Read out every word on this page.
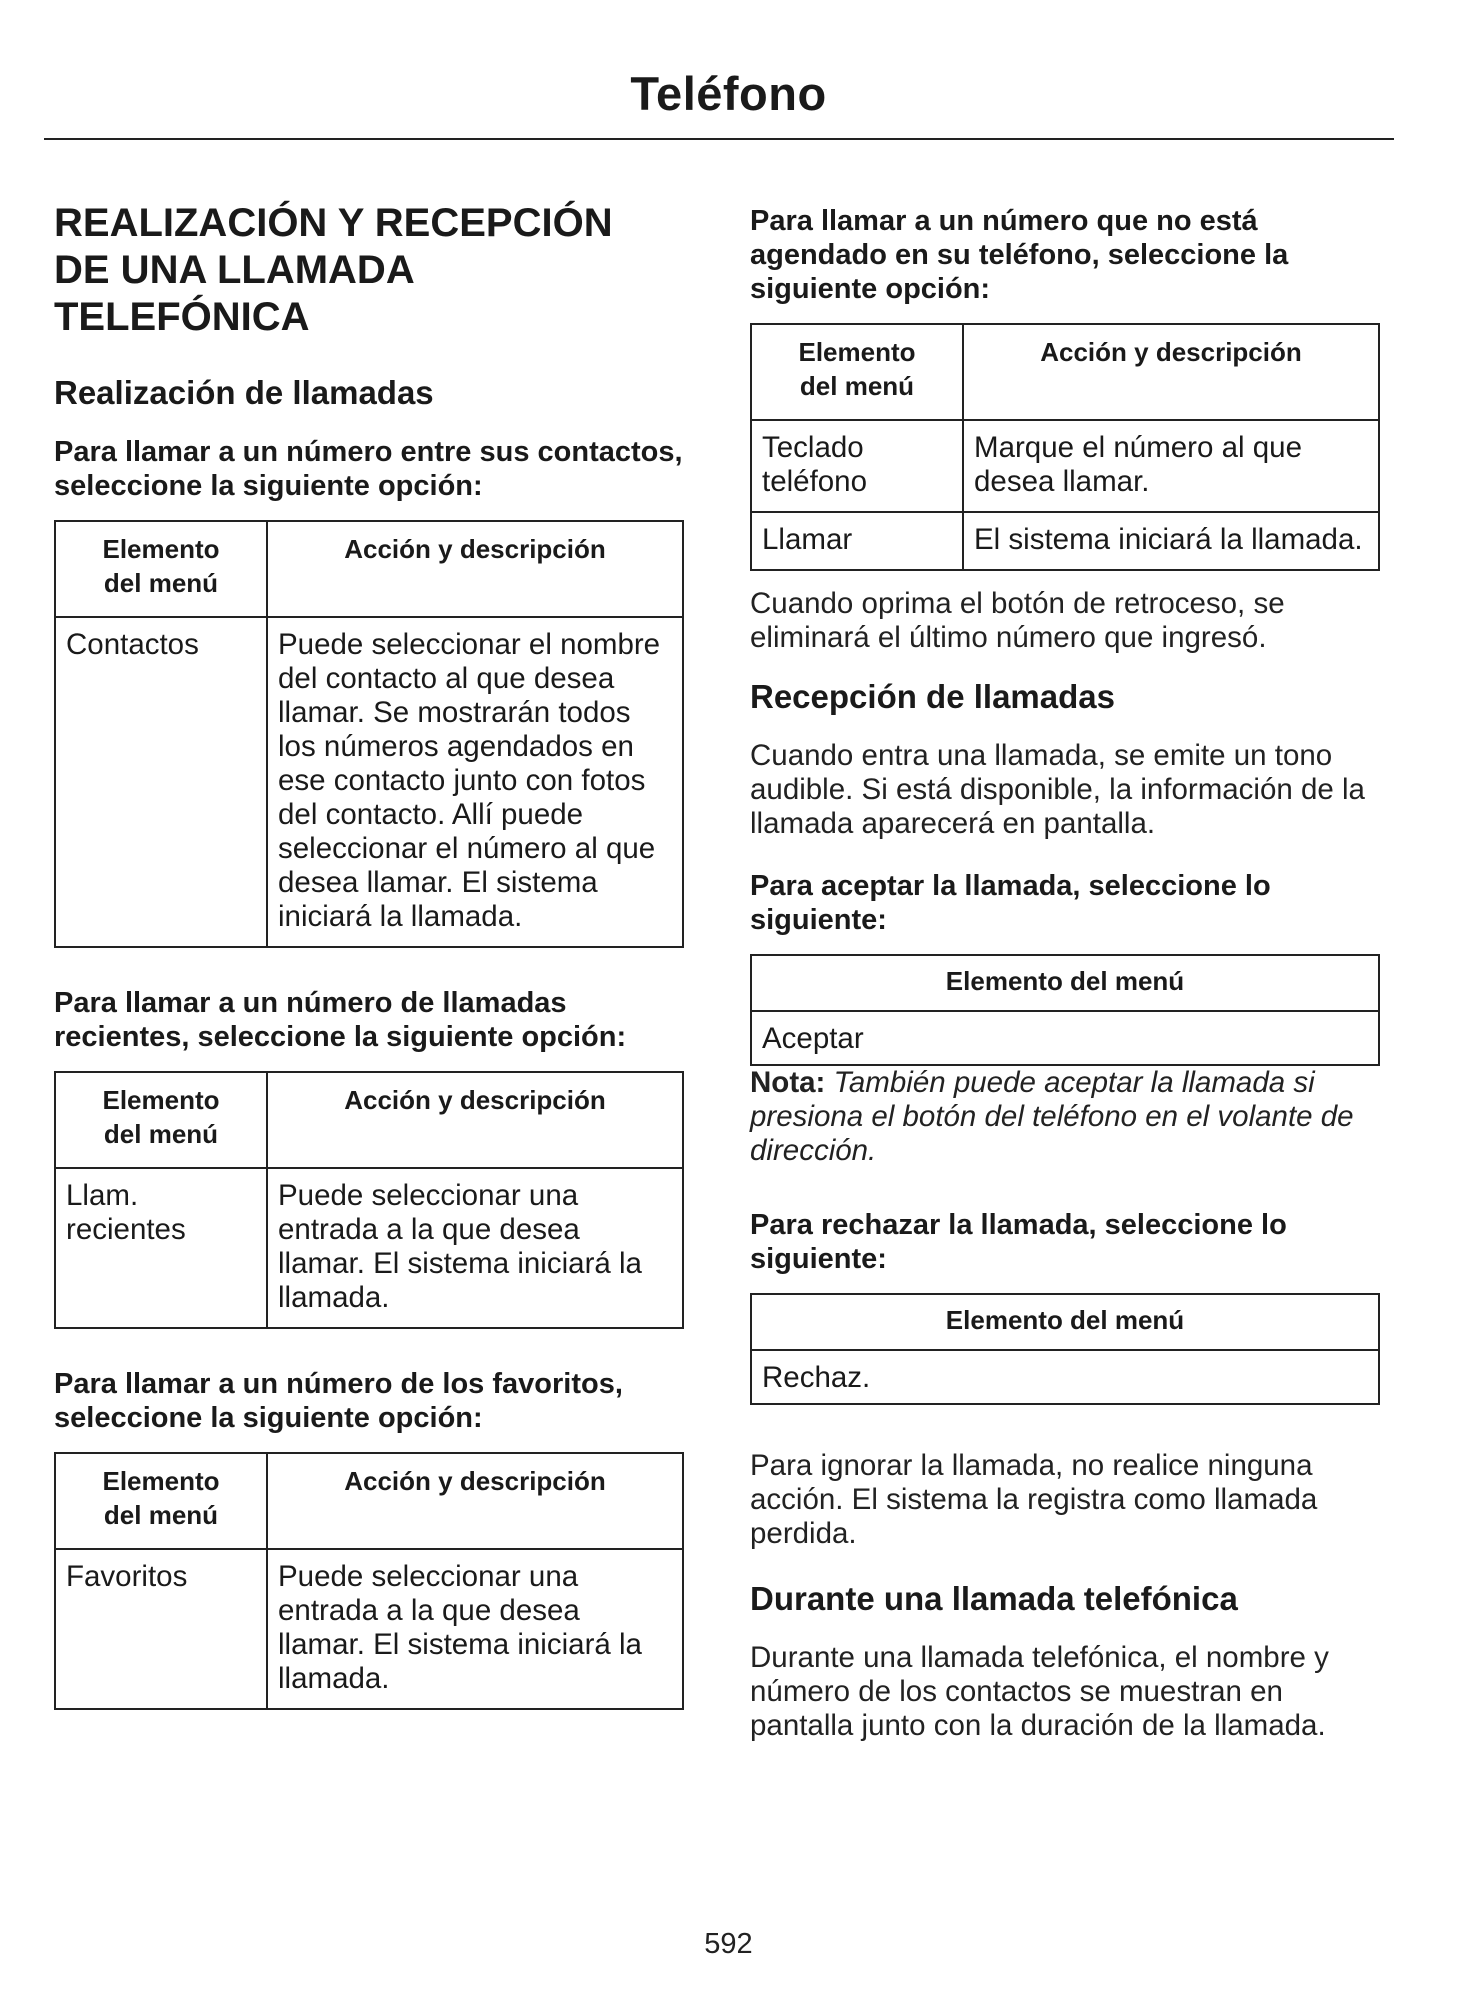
Teléfono
REALIZACIÓN Y RECEPCIÓN
DE UNA LLAMADA
TELEFÓNICA
Realización de llamadas

Para llamar a un número entre sus contactos, seleccione la siguiente opción:

Elemento
del menú	Acción y descripción
Contactos	Puede seleccionar el nombre del contacto al que desea llamar. Se mostrarán todos los números agendados en ese contacto junto con fotos del contacto. Allí puede seleccionar el número al que desea llamar. El sistema iniciará la llamada.

Para llamar a un número de llamadas recientes, seleccione la siguiente opción:

Elemento
del menú	Acción y descripción
Llam.
recientes	Puede seleccionar una entrada a la que desea llamar. El sistema iniciará la llamada.

Para llamar a un número de los favoritos, seleccione la siguiente opción:

Elemento
del menú	Acción y descripción
Favoritos	Puede seleccionar una entrada a la que desea llamar. El sistema iniciará la llamada.

Para llamar a un número que no está agendado en su teléfono, seleccione la siguiente opción:

Elemento
del menú	Acción y descripción
Teclado
teléfono	Marque el número al que desea llamar.
Llamar	El sistema iniciará la llamada.

Cuando oprima el botón de retroceso, se eliminará el último número que ingresó.

Recepción de llamadas

Cuando entra una llamada, se emite un tono audible. Si está disponible, la información de la llamada aparecerá en pantalla.

Para aceptar la llamada, seleccione lo siguiente:

Elemento del menú
Aceptar

Nota: También puede aceptar la llamada si presiona el botón del teléfono en el volante de dirección.

Para rechazar la llamada, seleccione lo siguiente:

Elemento del menú
Rechaz.

Para ignorar la llamada, no realice ninguna acción. El sistema la registra como llamada perdida.

Durante una llamada telefónica

Durante una llamada telefónica, el nombre y número de los contactos se muestran en pantalla junto con la duración de la llamada.

592
